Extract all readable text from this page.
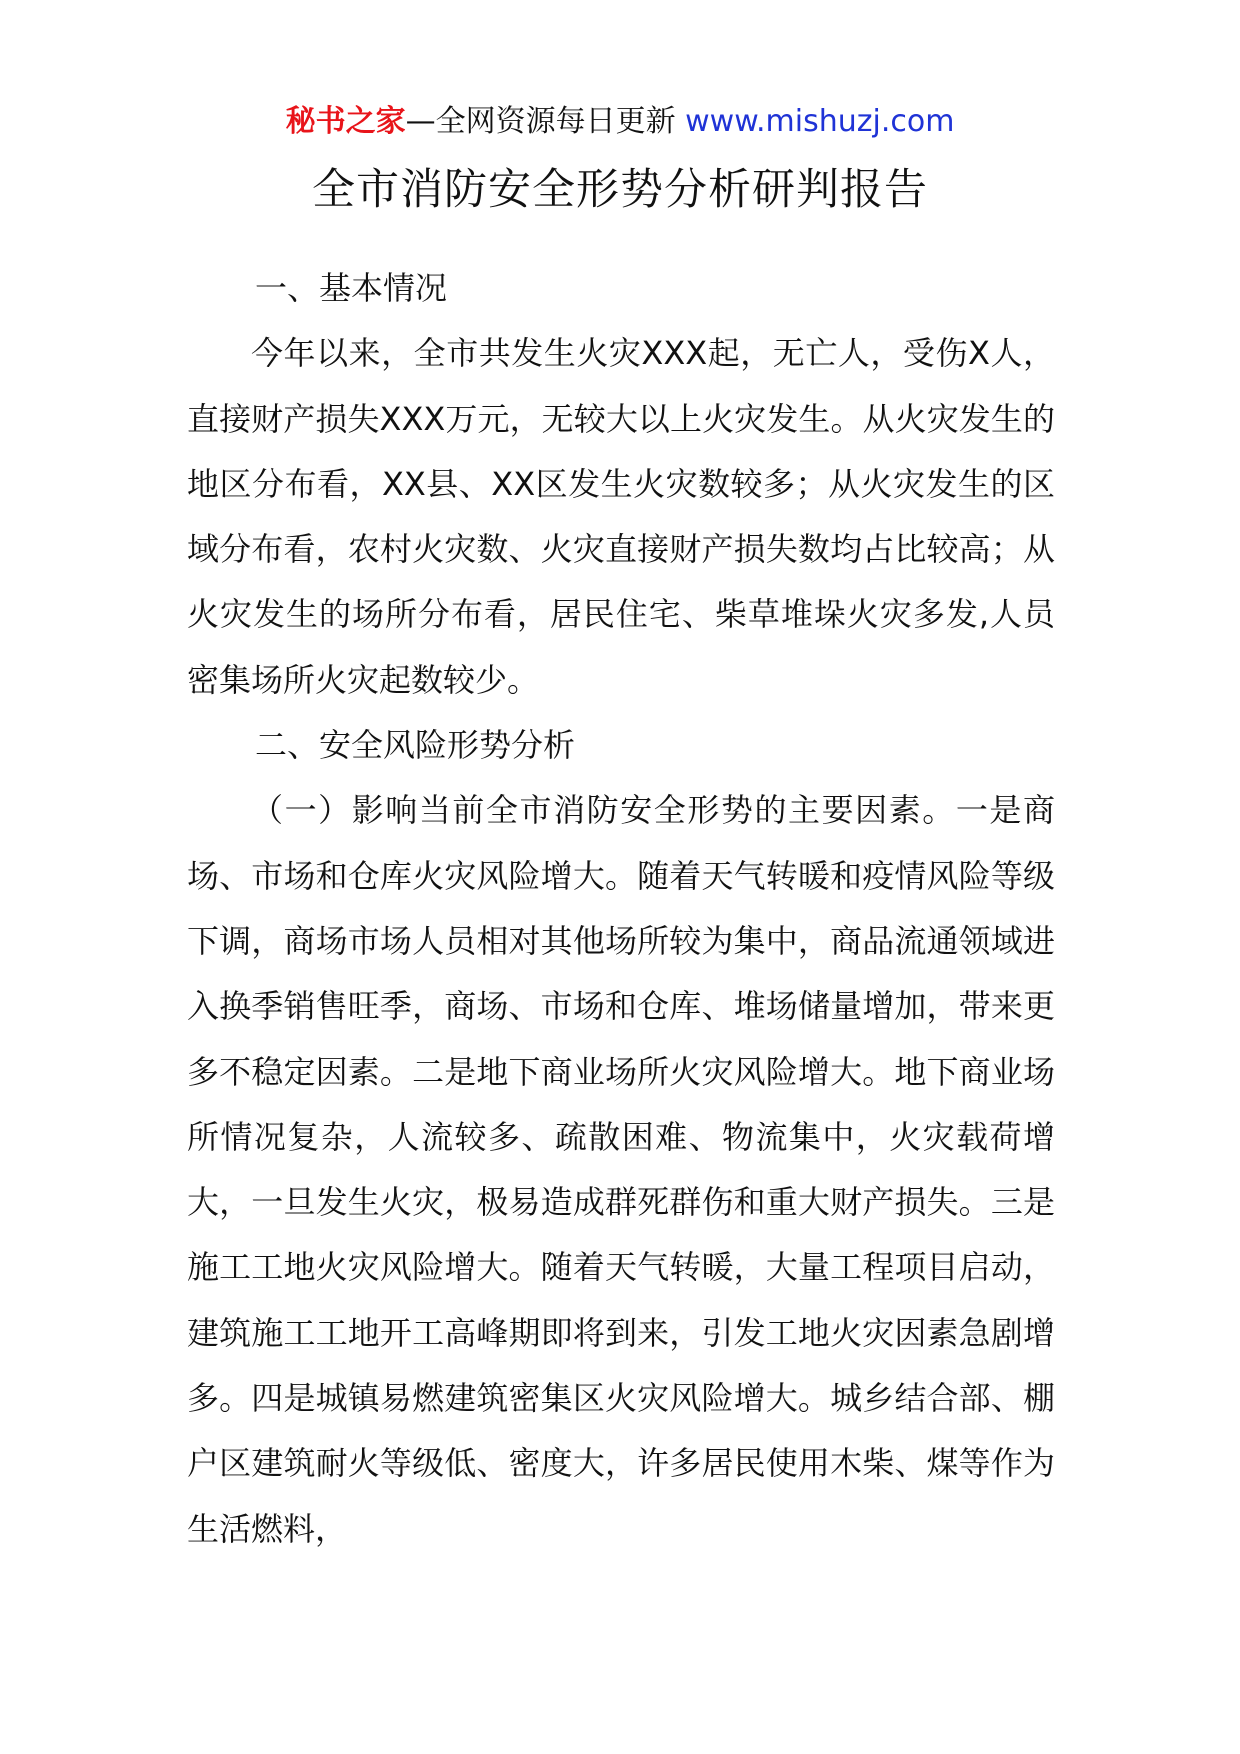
秘书之家—全网资源每日更新 www.mishuzj.com
全市消防安全形势分析研判报告

一、基本情况

今年以来，全市共发生火灾XXX起，无亡人，受伤X人，直接财产损失XXX万元，无较大以上火灾发生。从火灾发生的地区分布看，XX县、XX区发生火灾数较多；从火灾发生的区域分布看，农村火灾数、火灾直接财产损失数均占比较高；从火灾发生的场所分布看，居民住宅、柴草堆垛火灾多发,人员密集场所火灾起数较少。

二、安全风险形势分析

（一）影响当前全市消防安全形势的主要因素。一是商场、市场和仓库火灾风险增大。随着天气转暖和疫情风险等级下调，商场市场人员相对其他场所较为集中，商品流通领域进入换季销售旺季，商场、市场和仓库、堆场储量增加，带来更多不稳定因素。二是地下商业场所火灾风险增大。地下商业场所情况复杂，人流较多、疏散困难、物流集中，火灾载荷增大，一旦发生火灾，极易造成群死群伤和重大财产损失。三是施工工地火灾风险增大。随着天气转暖，大量工程项目启动，建筑施工工地开工高峰期即将到来，引发工地火灾因素急剧增多。四是城镇易燃建筑密集区火灾风险增大。城乡结合部、棚户区建筑耐火等级低、密度大，许多居民使用木柴、煤等作为生活燃料，
